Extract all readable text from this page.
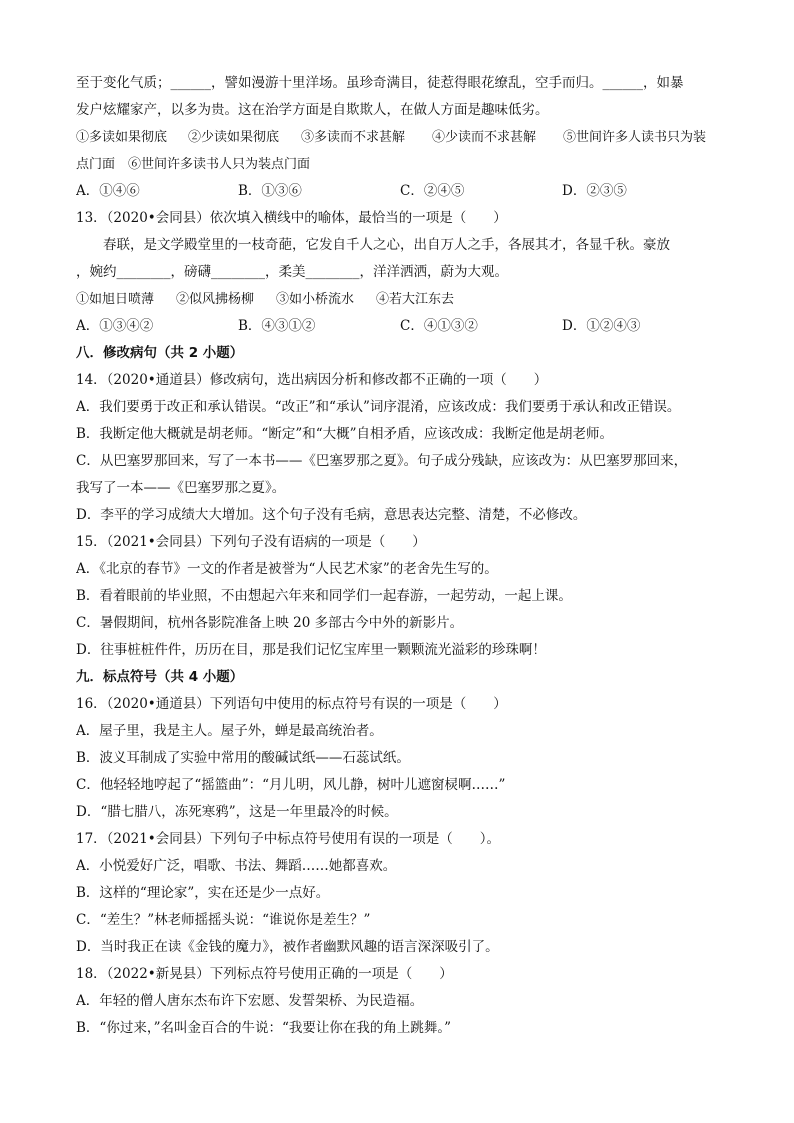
至于变化气质；______，譬如漫游十里洋场。虽珍奇满目，徒惹得眼花缭乱，空手而归。______，如暴
发户炫耀家产，以多为贵。这在治学方面是自欺欺人，在做人方面是趣味低劣。
①多读如果彻底 ②少读如果彻底 ③多读而不求甚解 ④少读而不求甚解 ⑤世间许多人读书只为装
点门面 ⑥世间许多读书人只为装点门面
A．①④⑥	B．①③⑥	C．②④⑤	D．②③⑤
13．（2020•会同县）依次填入横线中的喻体，最恰当的一项是（　　）
春联，是文学殿堂里的一枝奇葩，它发自千人之心，出自万人之手，各展其才，各显千秋。豪放
，婉约________，磅礴________，柔美________，洋洋洒洒，蔚为大观。
①如旭日喷薄 ②似风拂杨柳 ③如小桥流水 ④若大江东去
A．①③④②	B．④③①②	C．④①③②	D．①②④③
八．修改病句（共 2 小题）
14．（2020•通道县）修改病句，选出病因分析和修改都不正确的一项（　　）
A．我们要勇于改正和承认错误。“改正”和“承认”词序混淆，应该改成：我们要勇于承认和改正错误。
B．我断定他大概就是胡老师。“断定”和“大概”自相矛盾，应该改成：我断定他是胡老师。
C．从巴塞罗那回来，写了一本书——《巴塞罗那之夏》。句子成分残缺，应该改为：从巴塞罗那回来，
我写了一本——《巴塞罗那之夏》。
D．李平的学习成绩大大增加。这个句子没有毛病，意思表达完整、清楚，不必修改。
15．（2021•会同县）下列句子没有语病的一项是（　　）
A．《北京的春节》一文的作者是被誉为“人民艺术家”的老舍先生写的。
B．看着眼前的毕业照，不由想起六年来和同学们一起春游，一起劳动，一起上课。
C．暑假期间，杭州各影院准备上映 20 多部古今中外的新影片。
D．往事桩桩件件，历历在目，那是我们记忆宝库里一颗颗流光溢彩的珍珠啊！
九．标点符号（共 4 小题）
16．（2020•通道县）下列语句中使用的标点符号有误的一项是（　　）
A．屋子里，我是主人。屋子外，蝉是最高统治者。
B．波义耳制成了实验中常用的酸碱试纸——石蕊试纸。
C．他轻轻地哼起了“摇篮曲”：“月儿明，风儿静，树叶儿遮窗棂啊……”
D．“腊七腊八，冻死寒鸦”，这是一年里最冷的时候。
17．（2021•会同县）下列句子中标点符号使用有误的一项是（　　）。
A．小悦爱好广泛，唱歌、书法、舞蹈……她都喜欢。
B．这样的“理论家”，实在还是少一点好。
C．“差生？”林老师摇摇头说：“谁说你是差生？”
D．当时我正在读《金钱的魔力》，被作者幽默风趣的语言深深吸引了。
18．（2022•新晃县）下列标点符号使用正确的一项是（　　）
A．年轻的僧人唐东杰布许下宏愿、发誓架桥、为民造福。
B．“你过来，”名叫金百合的牛说：“我要让你在我的角上跳舞。”
